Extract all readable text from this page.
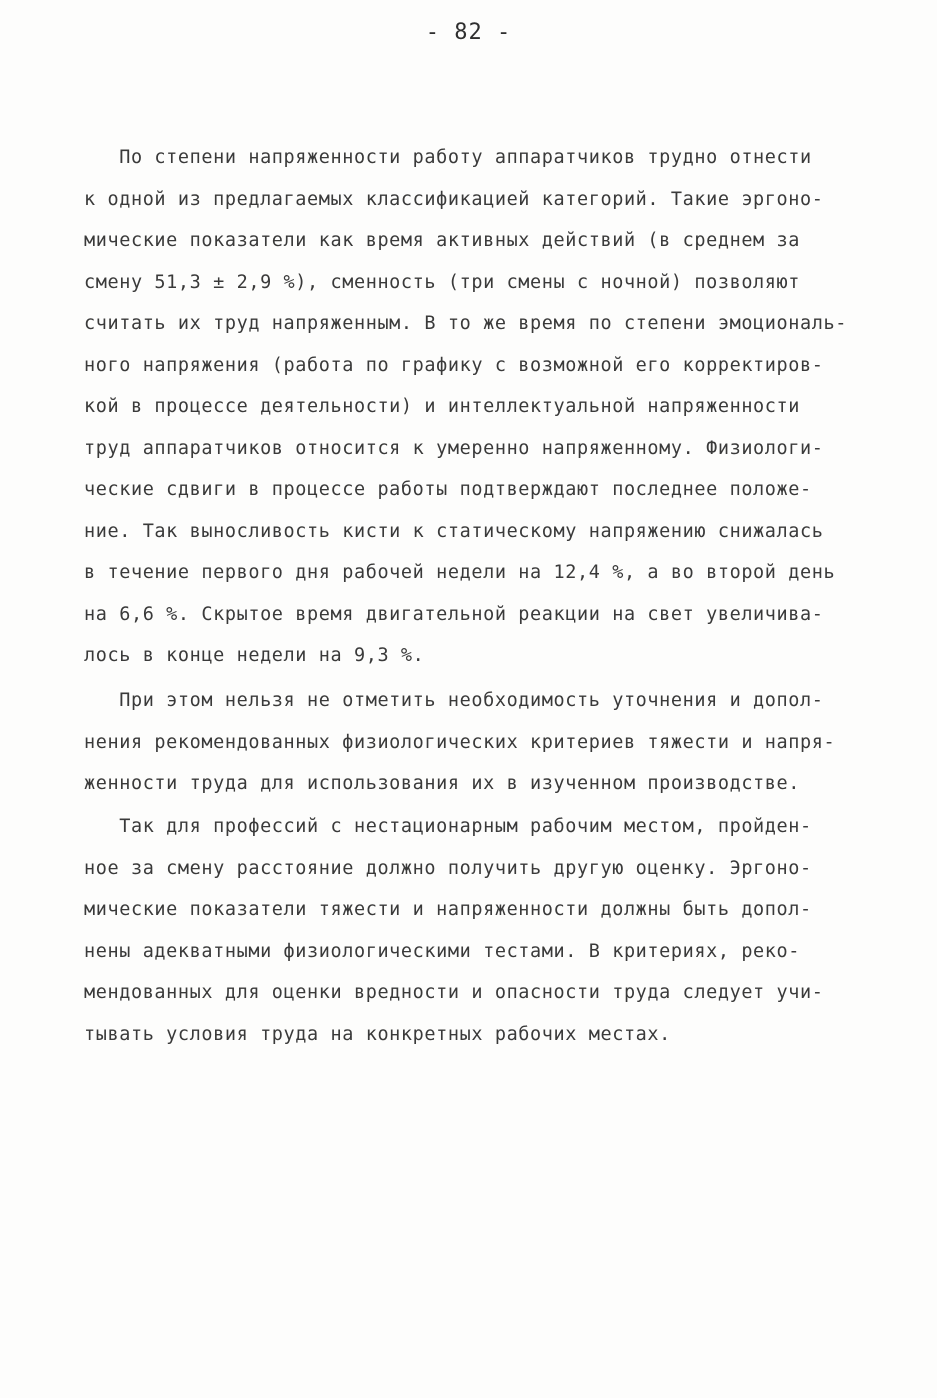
- 82 -
По степени напряженности работу аппаратчиков трудно отнести
к одной из предлагаемых классификацией категорий. Такие эргоно-
мические показатели как время активных действий (в среднем за
смену 51,3 ± 2,9 %), сменность (три смены с ночной) позволяют
считать их труд напряженным. В то же время по степени эмоциональ-
ного напряжения (работа по графику с возможной его корректиров-
кой в процессе деятельности) и интеллектуальной напряженности
труд аппаратчиков относится к умеренно напряженному. Физиологи-
ческие сдвиги в процессе работы подтверждают последнее положе-
ние. Так выносливость кисти к статическому напряжению снижалась
в течение первого дня рабочей недели на 12,4 %, а во второй день
на 6,6 %. Скрытое время двигательной реакции на свет увеличива-
лось в конце недели на 9,3 %.
При этом нельзя не отметить необходимость уточнения и допол-
нения рекомендованных физиологических критериев тяжести и напря-
женности труда для использования их в изученном производстве.
Так для профессий с нестационарным рабочим местом, пройден-
ное за смену расстояние должно получить другую оценку. Эргоно-
мические показатели тяжести и напряженности должны быть допол-
нены адекватными физиологическими тестами. В критериях, реко-
мендованных для оценки вредности и опасности труда следует учи-
тывать условия труда на конкретных рабочих местах.
